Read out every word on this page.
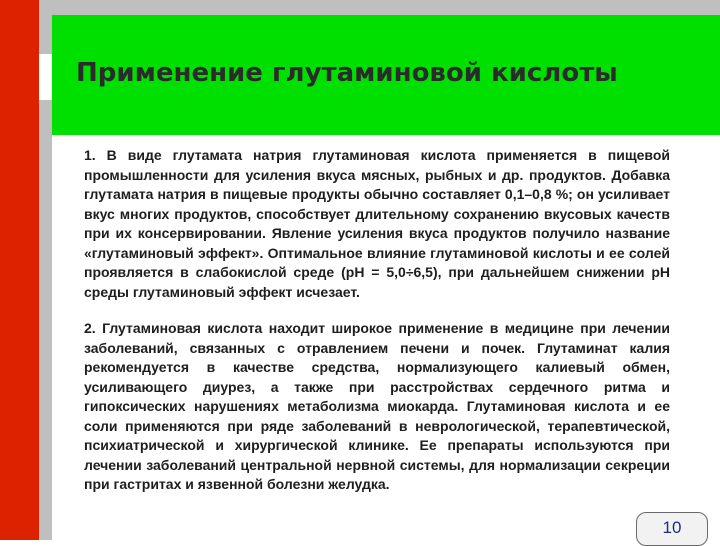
Применение глутаминовой кислоты

1. В виде глутамата натрия глутаминовая кислота применяется в пищевой промышленности для усиления вкуса мясных, рыбных и др. продуктов. Добавка глутамата натрия в пищевые продукты обычно составляет 0,1–0,8 %; он усиливает вкус многих продуктов, способствует длительному сохранению вкусовых качеств при их консервировании. Явление усиления вкуса продуктов получило название «глутаминовый эффект». Оптимальное влияние глутаминовой кислоты и ее солей проявляется в слабокислой среде (рН = 5,0÷6,5), при дальнейшем снижении рН среды глутаминовый эффект исчезает.

2. Глутаминовая кислота находит широкое применение в медицине при лечении заболеваний, связанных с отравлением печени и почек. Глутаминат калия рекомендуется в качестве средства, нормализующего калиевый обмен, усиливающего диурез, а также при расстройствах сердечного ритма и гипоксических нарушениях метаболизма миокарда. Глутаминовая кислота и ее соли применяются при ряде заболеваний в неврологической, терапевтической, психиатрической и хирургической клинике. Ее препараты используются при лечении заболеваний центральной нервной системы, для нормализации секреции при гастритах и язвенной болезни желудка.

10
